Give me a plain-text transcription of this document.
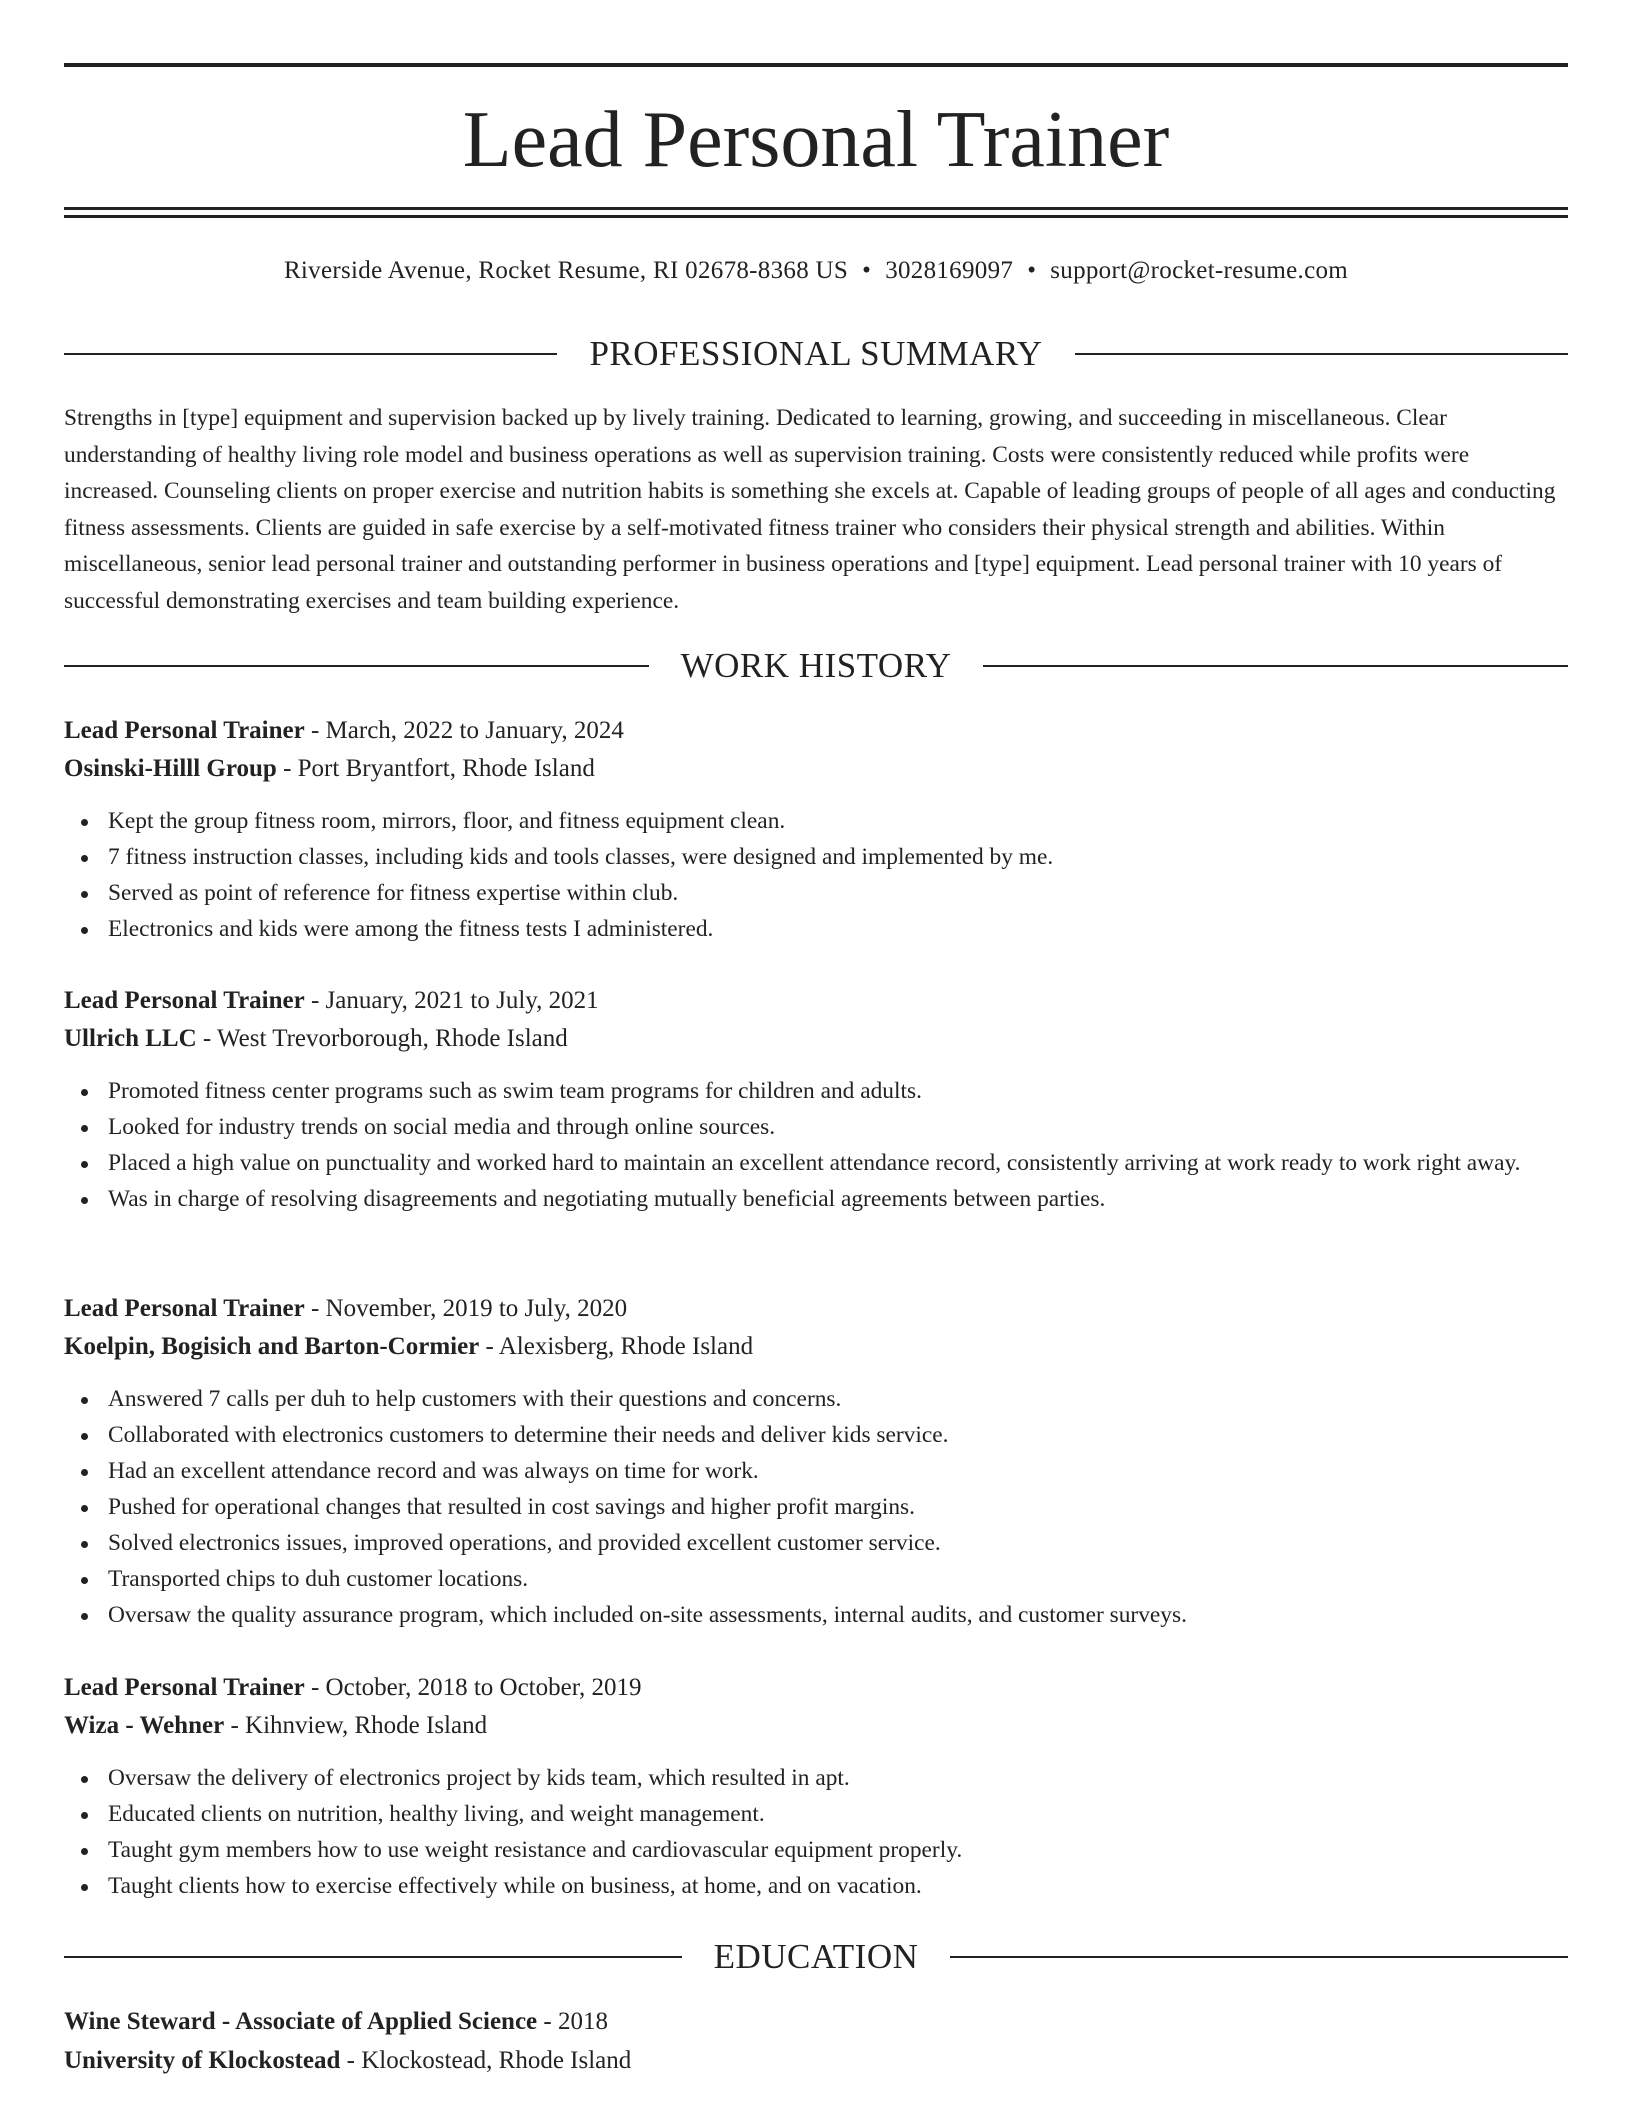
Lead Personal Trainer
Riverside Avenue, Rocket Resume, RI 02678-8368 US • 3028169097 • support@rocket-resume.com
PROFESSIONAL SUMMARY

Strengths in [type] equipment and supervision backed up by lively training. Dedicated to learning, growing, and succeeding in miscellaneous. Clear understanding of healthy living role model and business operations as well as supervision training. Costs were consistently reduced while profits were increased. Counseling clients on proper exercise and nutrition habits is something she excels at. Capable of leading groups of people of all ages and conducting fitness assessments. Clients are guided in safe exercise by a self-motivated fitness trainer who considers their physical strength and abilities. Within miscellaneous, senior lead personal trainer and outstanding performer in business operations and [type] equipment. Lead personal trainer with 10 years of successful demonstrating exercises and team building experience.

WORK HISTORY

Lead Personal Trainer - March, 2022 to January, 2024

Osinski-Hilll Group - Port Bryantfort, Rhode Island

Kept the group fitness room, mirrors, floor, and fitness equipment clean.
7 fitness instruction classes, including kids and tools classes, were designed and implemented by me.
Served as point of reference for fitness expertise within club.
Electronics and kids were among the fitness tests I administered.

Lead Personal Trainer - January, 2021 to July, 2021

Ullrich LLC - West Trevorborough, Rhode Island

Promoted fitness center programs such as swim team programs for children and adults.
Looked for industry trends on social media and through online sources.
Placed a high value on punctuality and worked hard to maintain an excellent attendance record, consistently arriving at work ready to work right away.
Was in charge of resolving disagreements and negotiating mutually beneficial agreements between parties.

Lead Personal Trainer - November, 2019 to July, 2020

Koelpin, Bogisich and Barton-Cormier - Alexisberg, Rhode Island

Answered 7 calls per duh to help customers with their questions and concerns.
Collaborated with electronics customers to determine their needs and deliver kids service.
Had an excellent attendance record and was always on time for work.
Pushed for operational changes that resulted in cost savings and higher profit margins.
Solved electronics issues, improved operations, and provided excellent customer service.
Transported chips to duh customer locations.
Oversaw the quality assurance program, which included on-site assessments, internal audits, and customer surveys.

Lead Personal Trainer - October, 2018 to October, 2019

Wiza - Wehner - Kihnview, Rhode Island

Oversaw the delivery of electronics project by kids team, which resulted in apt.
Educated clients on nutrition, healthy living, and weight management.
Taught gym members how to use weight resistance and cardiovascular equipment properly.
Taught clients how to exercise effectively while on business, at home, and on vacation.
EDUCATION

Wine Steward - Associate of Applied Science - 2018

University of Klockostead - Klockostead, Rhode Island
